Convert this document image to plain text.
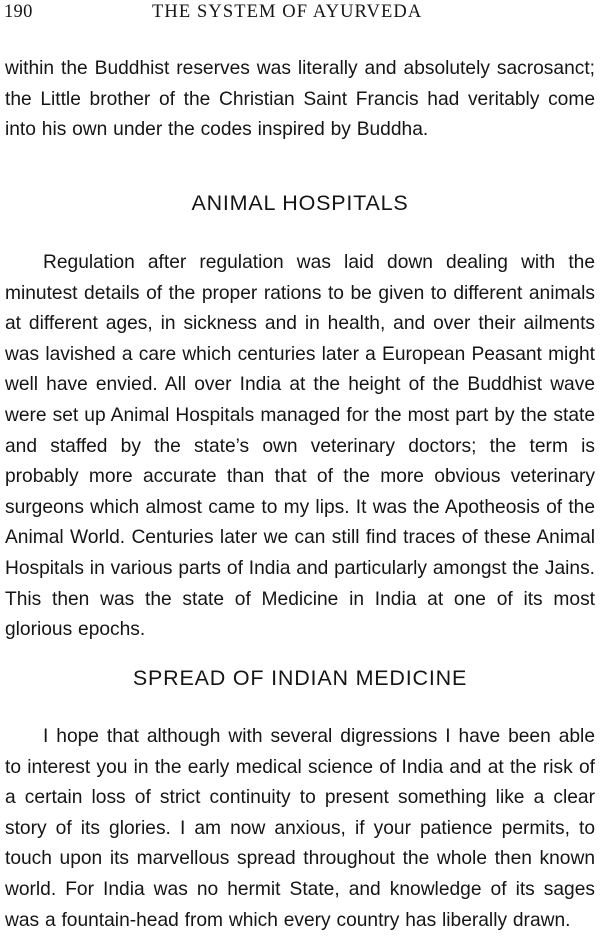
190	THE SYSTEM OF AYURVEDA

within the Buddhist reserves was literally and absolutely sacrosanct; the Little brother of the Christian Saint Francis had veritably come into his own under the codes inspired by Buddha.

ANIMAL HOSPITALS

Regulation after regulation was laid down dealing with the minutest details of the proper rations to be given to different animals at different ages, in sickness and in health, and over their ailments was lavished a care which centuries later a European Peasant might well have envied. All over India at the height of the Buddhist wave were set up Animal Hospitals managed for the most part by the state and staffed by the state’s own veterinary doctors; the term is probably more accurate than that of the more obvious veterinary surgeons which almost came to my lips. It was the Apotheosis of the Animal World. Centuries later we can still find traces of these Animal Hospitals in various parts of India and particularly amongst the Jains. This then was the state of Medicine in India at one of its most glorious epochs.

SPREAD OF INDIAN MEDICINE

I hope that although with several digressions I have been able to interest you in the early medical science of India and at the risk of a certain loss of strict continuity to present something like a clear story of its glories. I am now anxious, if your patience permits, to touch upon its marvellous spread throughout the whole then known world. For India was no hermit State, and knowledge of its sages was a fountain-head from which every country has liberally drawn.
